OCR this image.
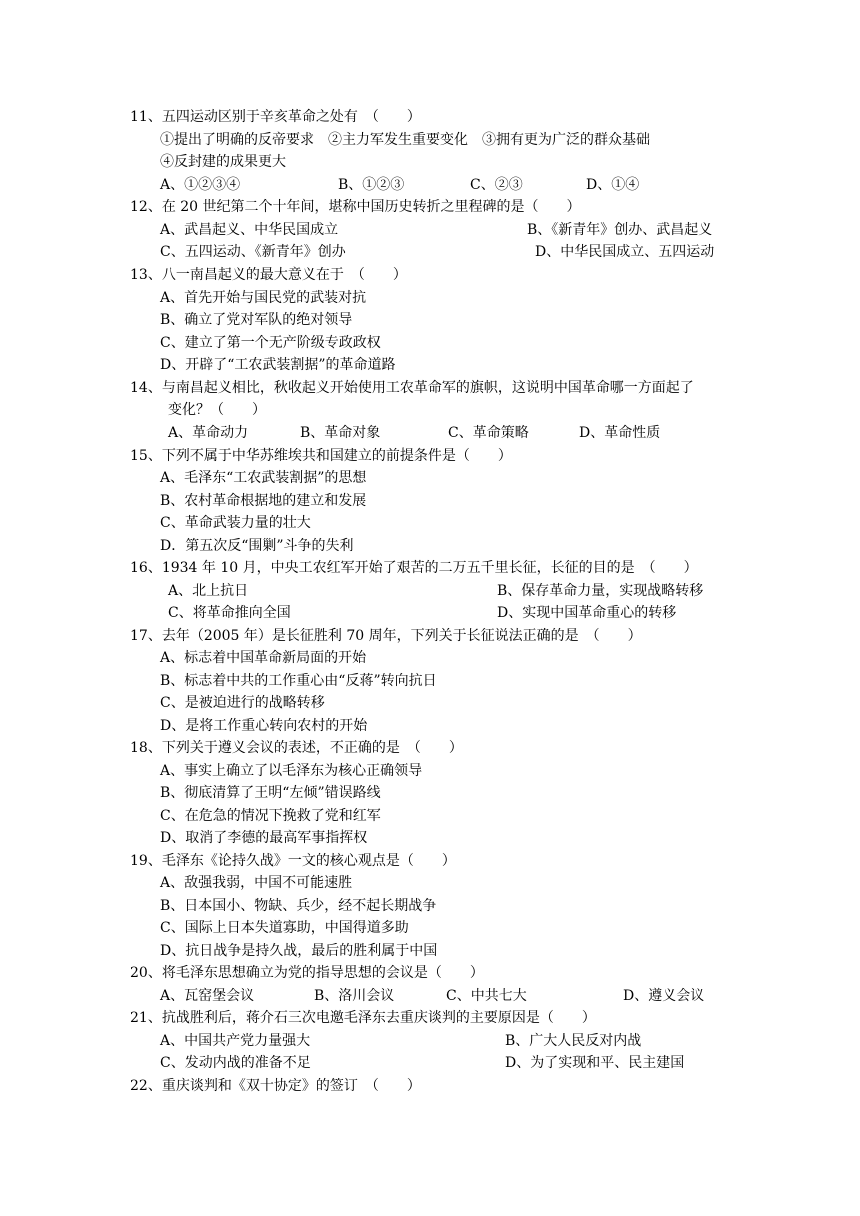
11、五四运动区别于辛亥革命之处有　（　　）
①提出了明确的反帝要求　②主力军发生重要变化　③拥有更为广泛的群众基础
④反封建的成果更大

A、①②③④

	B、①②③

	C、②③

	D、①④

12、在 20 世纪第二个十年间，堪称中国历史转折之里程碑的是（　　）

A、武昌起义、中华民国成立

	B、《新青年》创办、武昌起义

C、五四运动、《新青年》创办

	D、中华民国成立、五四运动

13、八一南昌起义的最大意义在于　（　　）
A、首先开始与国民党的武装对抗
B、确立了党对军队的绝对领导
C、建立了第一个无产阶级专政政权
D、开辟了“工农武装割据”的革命道路
14、与南昌起义相比，秋收起义开始使用工农革命军的旗帜，这说明中国革命哪一方面起了
变化？（　　）

A、革命动力

	B、革命对象

	C、革命策略

	D、革命性质

15、下列不属于中华苏维埃共和国建立的前提条件是（　　）
A、毛泽东“工农武装割据”的思想
B、农村革命根据地的建立和发展
C、革命武装力量的壮大
D．第五次反“围剿”斗争的失利
16、1934 年 10 月，中央工农红军开始了艰苦的二万五千里长征，长征的目的是　（　　）

A、北上抗日

	B、保存革命力量，实现战略转移

C、将革命推向全国

	D、实现中国革命重心的转移

17、去年（2005 年）是长征胜利 70 周年，下列关于长征说法正确的是　（　　）
A、标志着中国革命新局面的开始
B、标志着中共的工作重心由“反蒋”转向抗日
C、是被迫进行的战略转移
D、是将工作重心转向农村的开始
18、下列关于遵义会议的表述，不正确的是　（　　）
A、事实上确立了以毛泽东为核心正确领导
B、彻底清算了王明“左倾”错误路线
C、在危急的情况下挽救了党和红军
D、取消了李德的最高军事指挥权
19、毛泽东《论持久战》一文的核心观点是（　　）
A、敌强我弱，中国不可能速胜
B、日本国小、物缺、兵少，经不起长期战争
C、国际上日本失道寡助，中国得道多助
D、抗日战争是持久战，最后的胜利属于中国
20、将毛泽东思想确立为党的指导思想的会议是（　　）

A、瓦窑堡会议

	B、洛川会议

	C、中共七大

	D、遵义会议

21、抗战胜利后，蒋介石三次电邀毛泽东去重庆谈判的主要原因是（　　）

A、中国共产党力量强大

	B、广大人民反对内战

C、发动内战的准备不足

	D、为了实现和平、民主建国

22、重庆谈判和《双十协定》的签订　（　　）
